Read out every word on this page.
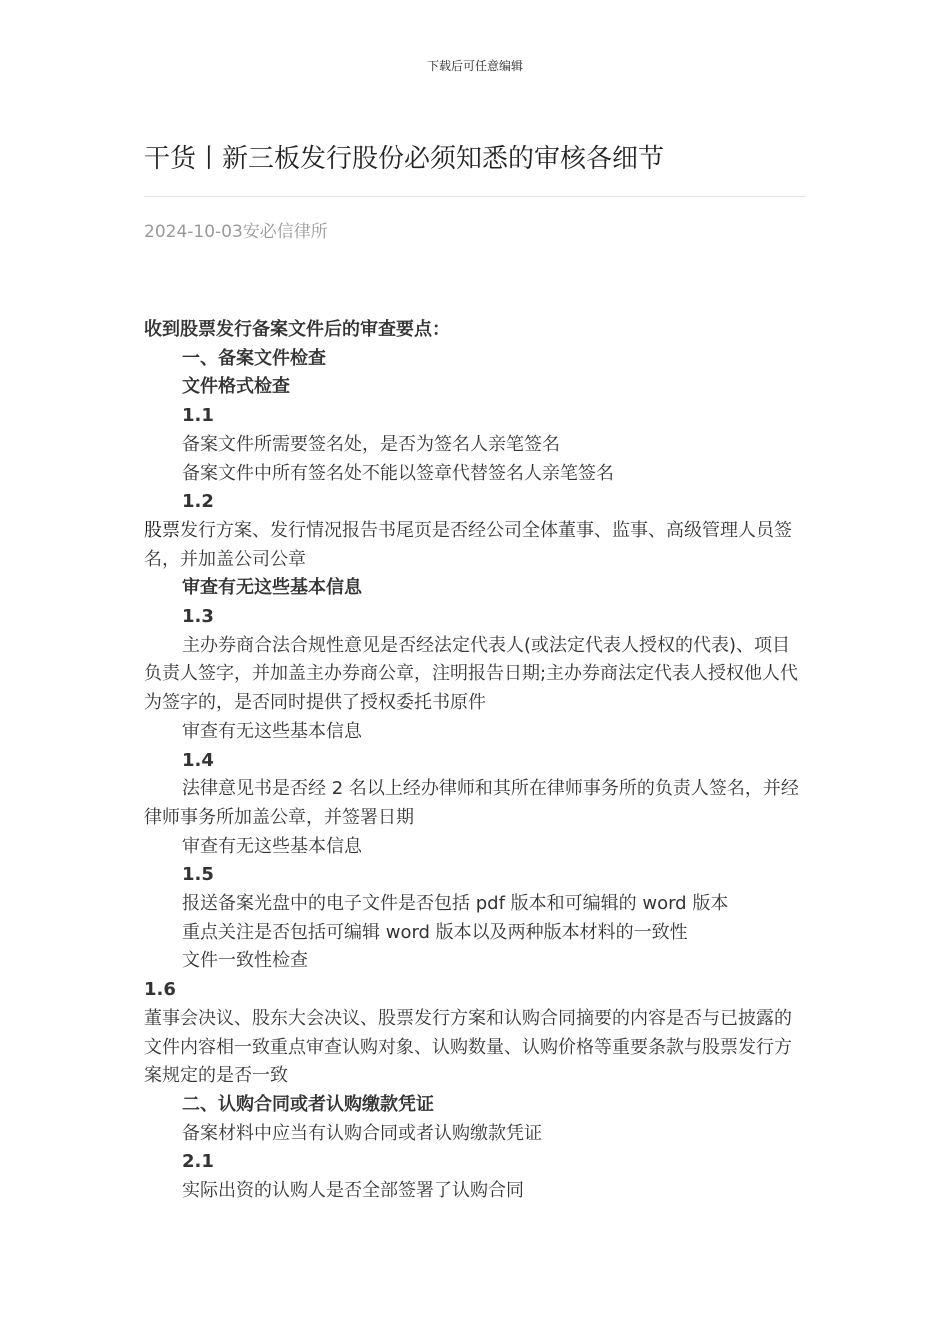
下载后可任意编辑
干货丨新三板发行股份必须知悉的审核各细节
2024-10-03安必信律所

收到股票发行备案文件后的审查要点：

一、备案文件检查

文件格式检查

1.1

备案文件所需要签名处，是否为签名人亲笔签名

备案文件中所有签名处不能以签章代替签名人亲笔签名

1.2

股票发行方案、发行情况报告书尾页是否经公司全体董事、监事、高级管理人员签名，并加盖公司公章

审查有无这些基本信息

1.3

主办券商合法合规性意见是否经法定代表人(或法定代表人授权的代表)、项目负责人签字，并加盖主办券商公章，注明报告日期;主办券商法定代表人授权他人代为签字的，是否同时提供了授权委托书原件

审查有无这些基本信息

1.4

法律意见书是否经 2 名以上经办律师和其所在律师事务所的负责人签名，并经律师事务所加盖公章，并签署日期

审查有无这些基本信息

1.5

报送备案光盘中的电子文件是否包括 pdf 版本和可编辑的 word 版本

重点关注是否包括可编辑 word 版本以及两种版本材料的一致性

文件一致性检查

1.6

董事会决议、股东大会决议、股票发行方案和认购合同摘要的内容是否与已披露的文件内容相一致重点审查认购对象、认购数量、认购价格等重要条款与股票发行方案规定的是否一致

二、认购合同或者认购缴款凭证

备案材料中应当有认购合同或者认购缴款凭证

2.1

实际出资的认购人是否全部签署了认购合同
